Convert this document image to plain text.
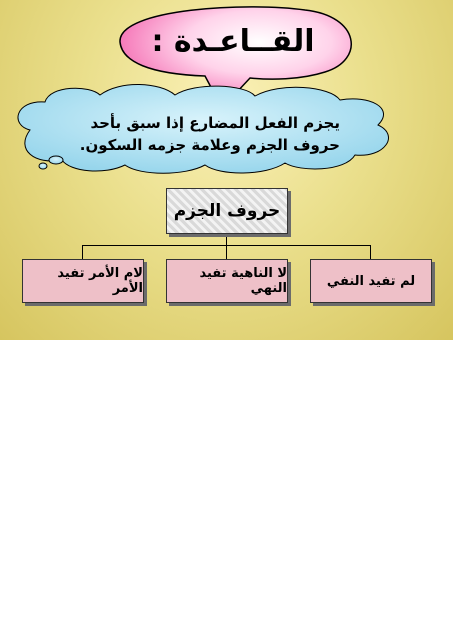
القــاعـدة :
يجزم الفعل المضارع إذا سبق بأحد حروف الجزم وعلامة جزمه السكون.
حروف الجزم
لم تفيد النفي
لا الناهية تفيد النهي
لام الأمر تفيد الأمر
